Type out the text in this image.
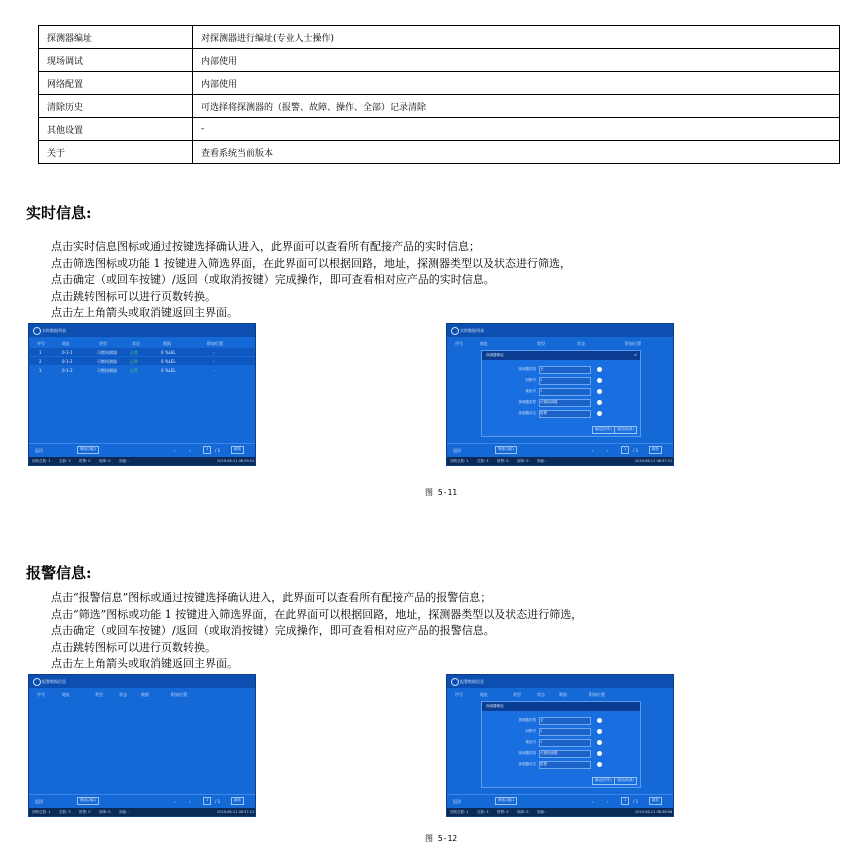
探测器编址	对探测器进行编址(专业人士操作)
现场调试	内部使用
网络配置	内部使用
清除历史	可选择将探测器的（报警、故障、操作、全部）记录清除
其他设置	-
关于	查看系统当前版本
实时信息:
点击实时信息图标或通过按键选择确认进入，此界面可以查看所有配接产品的实时信息；
点击筛选图标或功能 1 按键进入筛选界面，在此界面可以根据回路，地址，探测器类型以及状态进行筛选，
点击确定（或回车按键）/返回（或取消按键）完成操作，即可查看相对应产品的实时信息。
点击跳转图标可以进行页数转换。
点击左上角箭头或取消键返回主界面。
实时数据列表
序号	地址	类型	状态	数据	附加位置
1	0-1-1	可燃探测器	正常	0 %LEL	-
2	0-1-2	可燃探测器	正常	0 %LEL	-
3	0-1-3	可燃探测器	正常	0 %LEL	-
返回	筛选功能1	‹	›	1	/ 1	跳转
回路总数: 1 总数: 3 报警: 0 故障: 0 屏蔽: -	2019-06-11 08:39:01
实时数据列表
序号	地址	类型	状态	附加位置
探测器筛选	×
探测器类型 全
回路号 1
地址号 1
探测器类型 可燃探测器
探测器状态 报警
确定(回车)	返回(取消)
返回	筛选功能1	‹	›	1	/ 1	跳转
回路总数: 1 总数: 3 报警: 0 故障: 0 屏蔽: -	2019-06-11 08:37:31
图 5-11
报警信息:
点击“报警信息”图标或通过按键选择确认进入，此界面可以查看所有配接产品的报警信息；
点击“筛选”图标或功能 1 按键进入筛选界面，在此界面可以根据回路，地址，探测器类型以及状态进行筛选，
点击确定（或回车按键）/返回（或取消按键）完成操作，即可查看相对应产品的报警信息。
点击跳转图标可以进行页数转换。
点击左上角箭头或取消键返回主界面。
报警数据信息
序号	地址	类型	状态	数据	附加位置
返回	筛选功能1	‹	›	1	/ 1	跳转
回路总数: 1 总数: 3 报警: 0 故障: 0 屏蔽: -	2019-06-11 08:37:21
报警数据信息
序号	地址	类型	状态	数据	附加位置
探测器筛选
探测器类型 全
回路号 1
地址号 1
探测器类型 可燃探测器
探测器状态 报警
确定(回车)	返回(取消)
返回	筛选功能1	‹	›	1	/ 1	跳转
回路总数: 1 总数: 3 报警: 0 故障: 0 屏蔽: -	2019-06-11 08:38:06
图 5-12
